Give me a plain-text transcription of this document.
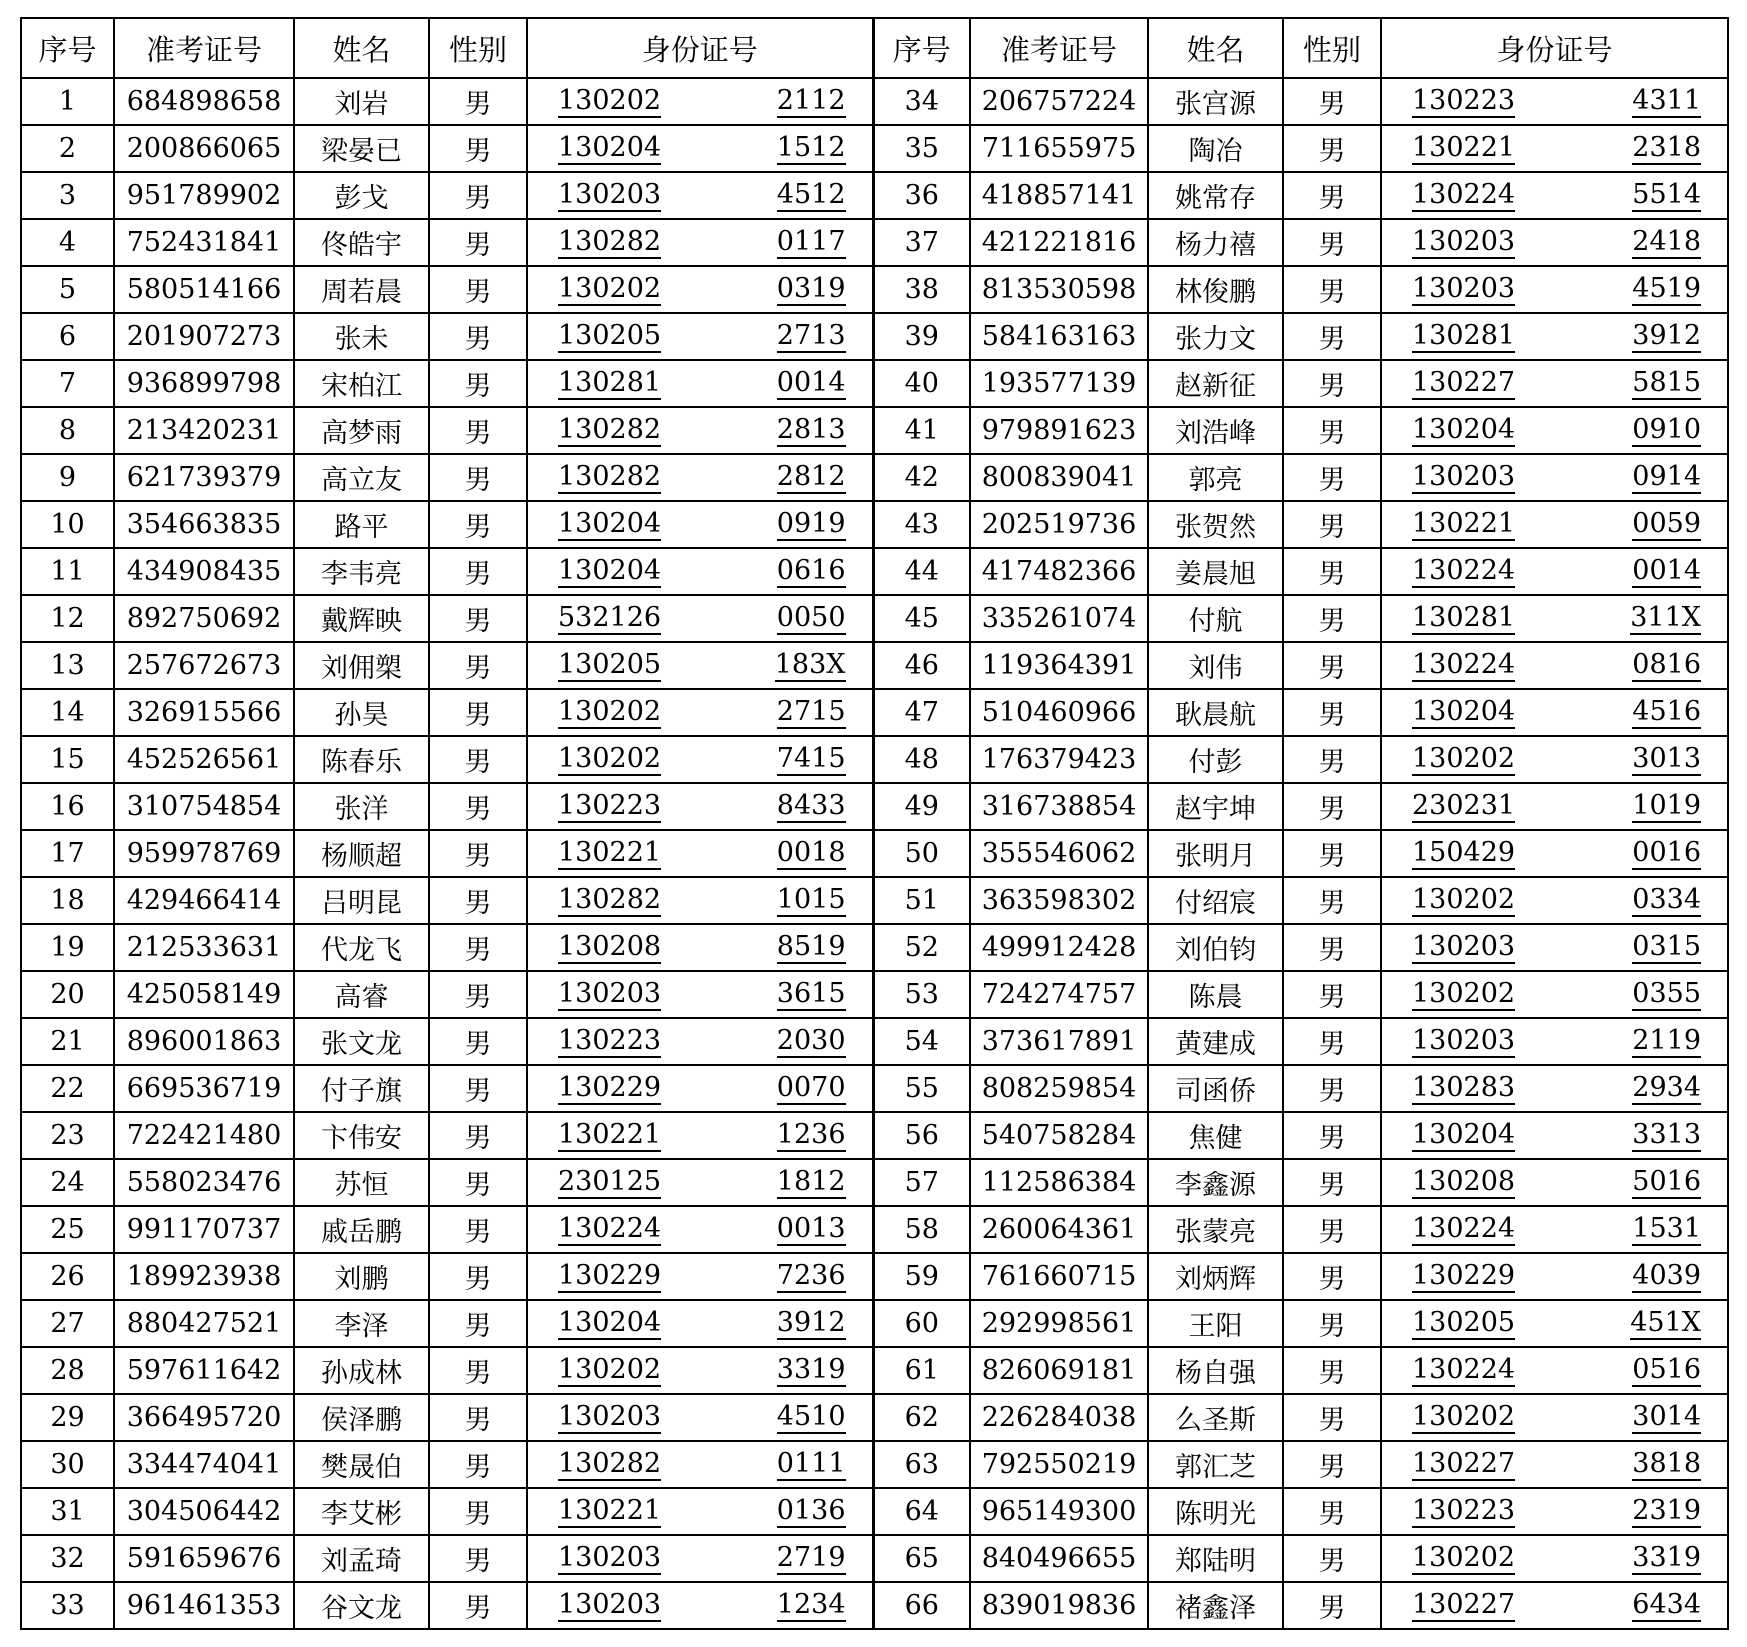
序号	准考证号	姓名	性别	身份证号	序号	准考证号	姓名	性别	身份证号
1	684898658	刘岩	男	130202 2112	34	206757224	张宫源	男	130223 4311

2	200866065	梁晏已	男	130204 1512	35	711655975	陶冶	男	130221 2318

3	951789902	彭戈	男	130203 4512	36	418857141	姚常存	男	130224 5514

4	752431841	佟皓宇	男	130282 0117	37	421221816	杨力禧	男	130203 2418

5	580514166	周若晨	男	130202 0319	38	813530598	林俊鹏	男	130203 4519

6	201907273	张未	男	130205 2713	39	584163163	张力文	男	130281 3912

7	936899798	宋柏江	男	130281 0014	40	193577139	赵新征	男	130227 5815

8	213420231	高梦雨	男	130282 2813	41	979891623	刘浩峰	男	130204 0910

9	621739379	高立友	男	130282 2812	42	800839041	郭亮	男	130203 0914

10	354663835	路平	男	130204 0919	43	202519736	张贺然	男	130221 0059

11	434908435	李韦亮	男	130204 0616	44	417482366	姜晨旭	男	130224 0014

12	892750692	戴辉映	男	532126 0050	45	335261074	付航	男	130281 311X

13	257672673	刘佣槊	男	130205 183X	46	119364391	刘伟	男	130224 0816

14	326915566	孙昊	男	130202 2715	47	510460966	耿晨航	男	130204 4516

15	452526561	陈春乐	男	130202 7415	48	176379423	付彭	男	130202 3013

16	310754854	张洋	男	130223 8433	49	316738854	赵宇坤	男	230231 1019

17	959978769	杨顺超	男	130221 0018	50	355546062	张明月	男	150429 0016

18	429466414	吕明昆	男	130282 1015	51	363598302	付绍宸	男	130202 0334

19	212533631	代龙飞	男	130208 8519	52	499912428	刘伯钧	男	130203 0315

20	425058149	高睿	男	130203 3615	53	724274757	陈晨	男	130202 0355

21	896001863	张文龙	男	130223 2030	54	373617891	黄建成	男	130203 2119

22	669536719	付子旗	男	130229 0070	55	808259854	司函侨	男	130283 2934

23	722421480	卞伟安	男	130221 1236	56	540758284	焦健	男	130204 3313

24	558023476	苏恒	男	230125 1812	57	112586384	李鑫源	男	130208 5016

25	991170737	戚岳鹏	男	130224 0013	58	260064361	张蒙亮	男	130224 1531

26	189923938	刘鹏	男	130229 7236	59	761660715	刘炳辉	男	130229 4039

27	880427521	李泽	男	130204 3912	60	292998561	王阳	男	130205 451X

28	597611642	孙成林	男	130202 3319	61	826069181	杨自强	男	130224 0516

29	366495720	侯泽鹏	男	130203 4510	62	226284038	么圣斯	男	130202 3014

30	334474041	樊晟伯	男	130282 0111	63	792550219	郭汇芝	男	130227 3818

31	304506442	李艾彬	男	130221 0136	64	965149300	陈明光	男	130223 2319

32	591659676	刘孟琦	男	130203 2719	65	840496655	郑陆明	男	130202 3319

33	961461353	谷文龙	男	130203 1234	66	839019836	褚鑫泽	男	130227 6434
